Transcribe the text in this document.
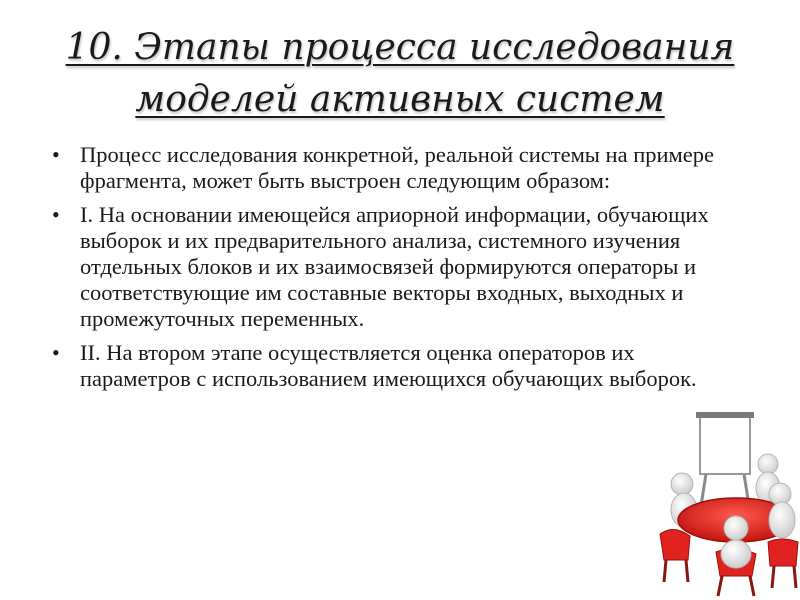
10. Этапы процесса исследования
моделей активных систем
• Процесс исследования конкретной, реальной системы на примере фрагмента, может быть выстроен следующим образом:
• I. На основании имеющейся априорной информации, обучающих выборок и их предварительного анализа, системного изучения отдельных блоков и их взаимосвязей формируются операторы и соответствующие им составные векторы входных, выходных и промежуточных переменных.
• II. На втором этапе осуществляется оценка операторов их параметров с использованием имеющихся обучающих выборок.
